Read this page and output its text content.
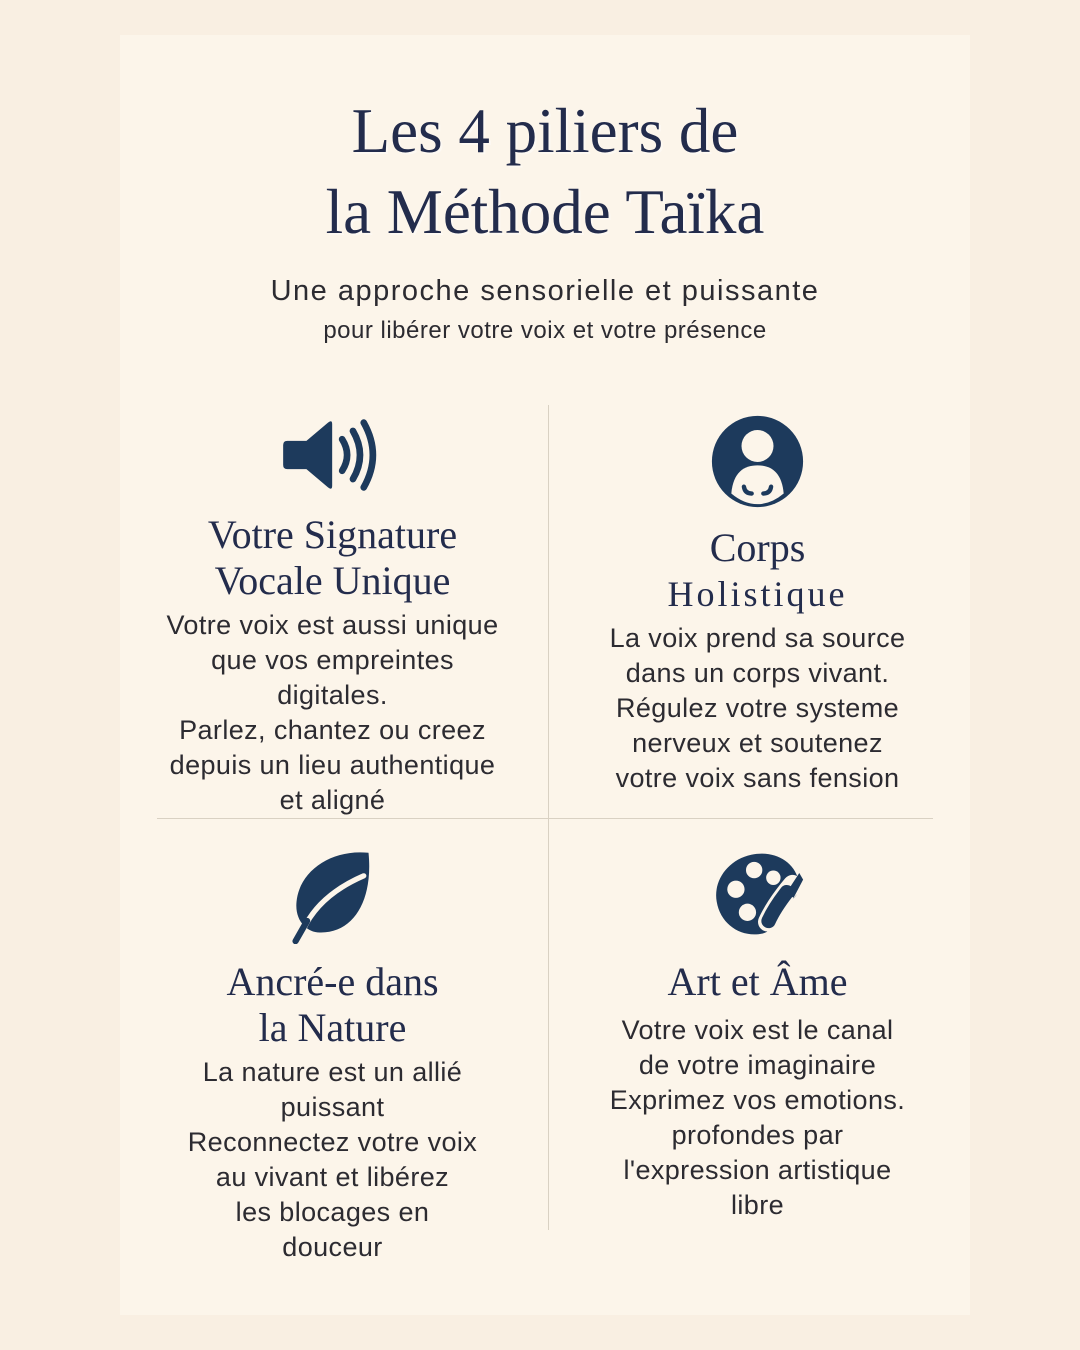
Les 4 piliers de
la Méthode Taïka
Une approche sensorielle et puissante
pour libérer votre voix et votre présence
Votre Signature
Vocale Unique
Votre voix est aussi unique
que vos empreintes
digitales.
Parlez, chantez ou creez
depuis un lieu authentique
et aligné
Corps
Holistique
La voix prend sa source
dans un corps vivant.
Régulez votre systeme
nerveux et soutenez
votre voix sans fension
Ancré-e dans
la Nature
La nature est un allié
puissant
Reconnectez votre voix
au vivant et libérez
les blocages en
douceur
Art et Âme
Votre voix est le canal
de votre imaginaire
Exprimez vos emotions.
profondes par
l'expression artistique
libre
